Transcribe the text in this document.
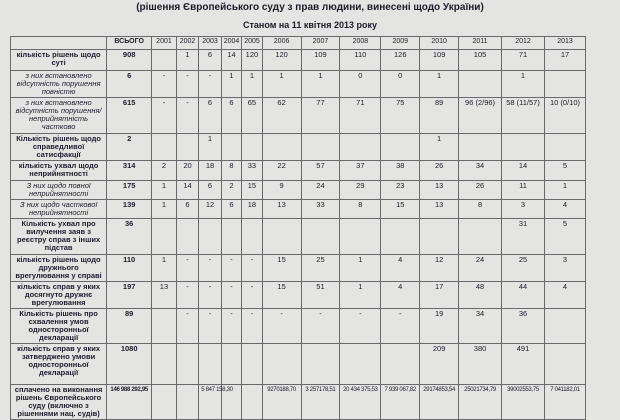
(рішення Європейського суду з прав людини, винесені щодо України)
Станом на 11 квітня 2013 року
	ВСЬОГО	2001	2002	2003	2004	2005	2006	2007	2008	2009	2010	2011	2012	2013
кількість рішень щодо суті	908		1	6	14	120	120	109	110	126	109	105	71	17
з них встановлено відсутність порушення повністю	6	-	-	-	1	1	1	1	0	0	1		1	
з них встановлено відсутність порушення/ неприйнятність частково	615	-	-	6	6	65	62	77	71	75	89	96 (2/96)	58 (11/57)	10 (0/10)
Кількість рішень щодо справедливої сатисфакції	2			1							1			
кількість ухвал щодо неприйнятності	314	2	20	18	8	33	22	57	37	38	26	34	14	5
З них щодо повної неприйнятності	175	1	14	6	2	15	9	24	29	23	13	26	11	1
З них щодо часткової неприйнятності	139	1	6	12	6	18	13	33	8	15	13	8	3	4
Кількість ухвал про вилучення заяв з реєстру справ з інших підстав	36												31	5
кількість рішень щодо дружнього врегулювання у справі	110	1	-	-	-	-	15	25	1	4	12	24	25	3
кількість справ у яких досягнуто дружнє врегулювання	197	13	-	-	-	-	15	51	1	4	17	48	44	4
Кількість рішень про схвалення умов односторонньої декларації	89		-	-	-	-	-	-	-	-	19	34	36	
кількість справ у яких затверджено умови односторонньої декларації	1080										209	380	491	
сплачено на виконання рішень Європейського суду (включно з рішеннями нац. судів)	146 988 292,95			5 847 158,30			9270188,70	3 257178,51	20 434 375,53	7 939 067,82	29174853,54	25021734,79	39002553,75	7 041182,01
